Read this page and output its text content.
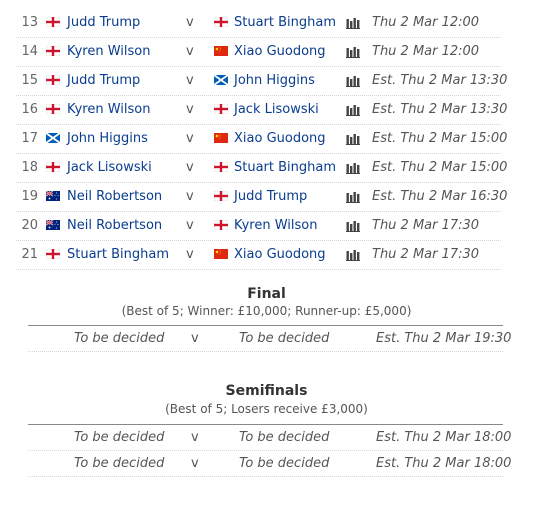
13 Judd Trump	v	Stuart Bingham	Thu 2 Mar 12:00
14 Kyren Wilson	v	Xiao Guodong	Thu 2 Mar 12:00
15 Judd Trump	v	John Higgins	Est. Thu 2 Mar 13:30
16 Kyren Wilson	v	Jack Lisowski	Est. Thu 2 Mar 13:30
17 John Higgins	v	Xiao Guodong	Est. Thu 2 Mar 15:00
18 Jack Lisowski	v	Stuart Bingham	Est. Thu 2 Mar 15:00
19 Neil Robertson v	Judd Trump	Est. Thu 2 Mar 16:30
20 Neil Robertson v	Kyren Wilson	Thu 2 Mar 17:30
21 Stuart Bingham v	Xiao Guodong	Thu 2 Mar 17:30
Final
(Best of 5; Winner: £10,000; Runner-up: £5,000)
To be decided v	To be decided	Est. Thu 2 Mar 19:30
Semifinals
(Best of 5; Losers receive £3,000)
To be decided v	To be decided	Est. Thu 2 Mar 18:00
To be decided v	To be decided	Est. Thu 2 Mar 18:00
